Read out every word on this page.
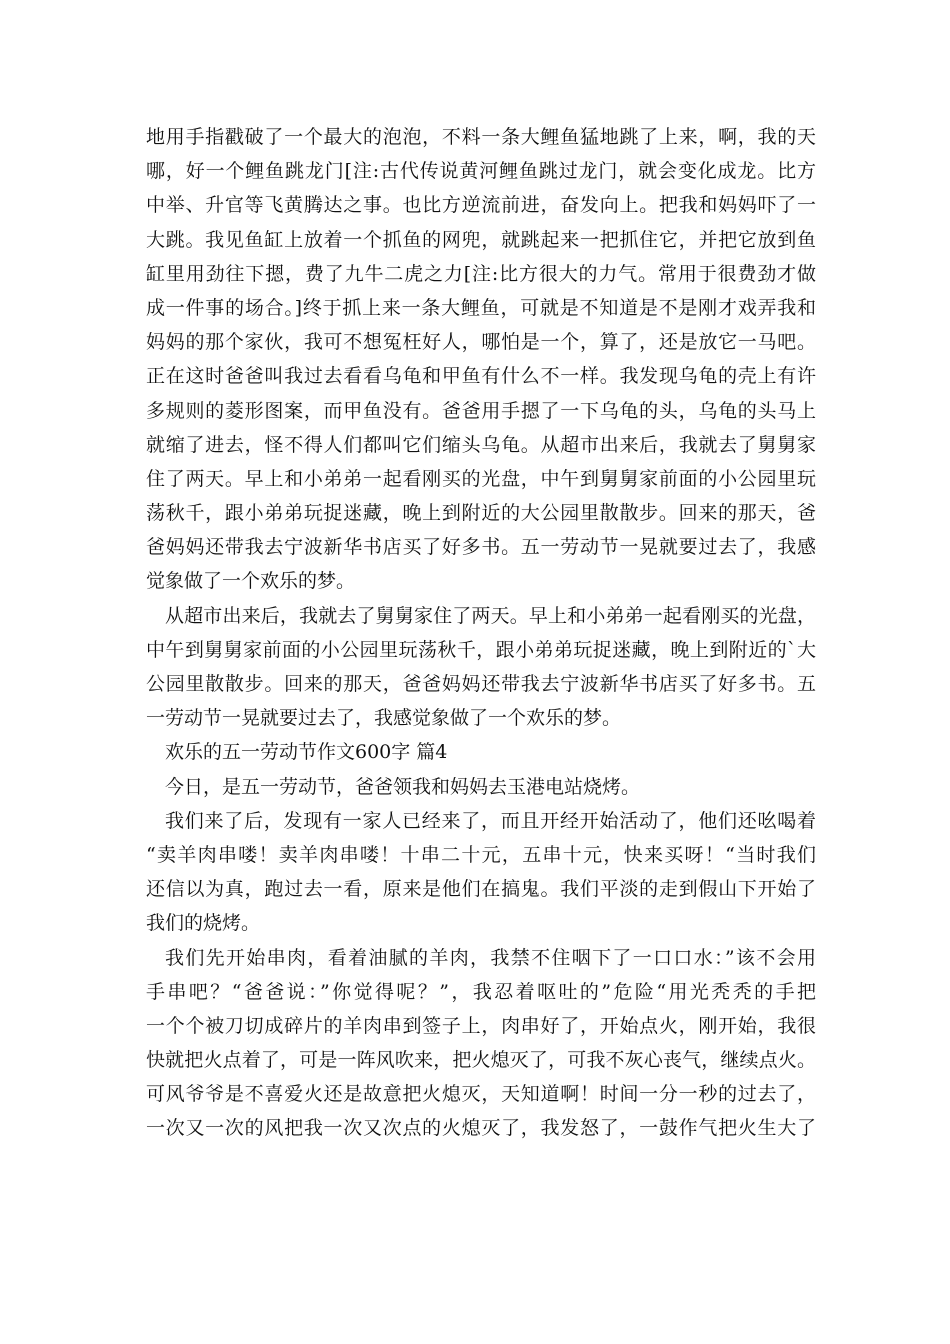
地用手指戳破了一个最大的泡泡，不料一条大鲤鱼猛地跳了上来，啊，我的天
哪，好一个鲤鱼跳龙门[注:古代传说黄河鲤鱼跳过龙门，就会变化成龙。比方
中举、升官等飞黄腾达之事。也比方逆流前进，奋发向上。把我和妈妈吓了一
大跳。我见鱼缸上放着一个抓鱼的网兜，就跳起来一把抓住它，并把它放到鱼
缸里用劲往下摁，费了九牛二虎之力[注:比方很大的力气。常用于很费劲才做
成一件事的场合。]终于抓上来一条大鲤鱼，可就是不知道是不是刚才戏弄我和
妈妈的那个家伙，我可不想冤枉好人，哪怕是一个，算了，还是放它一马吧。
正在这时爸爸叫我过去看看乌龟和甲鱼有什么不一样。我发现乌龟的壳上有许
多规则的菱形图案，而甲鱼没有。爸爸用手摁了一下乌龟的头，乌龟的头马上
就缩了进去，怪不得人们都叫它们缩头乌龟。从超市出来后，我就去了舅舅家
住了两天。早上和小弟弟一起看刚买的光盘，中午到舅舅家前面的小公园里玩
荡秋千，跟小弟弟玩捉迷藏，晚上到附近的大公园里散散步。回来的那天，爸
爸妈妈还带我去宁波新华书店买了好多书。五一劳动节一晃就要过去了，我感
觉象做了一个欢乐的梦。
从超市出来后，我就去了舅舅家住了两天。早上和小弟弟一起看刚买的光盘，
中午到舅舅家前面的小公园里玩荡秋千，跟小弟弟玩捉迷藏，晚上到附近的`大
公园里散散步。回来的那天，爸爸妈妈还带我去宁波新华书店买了好多书。五
一劳动节一晃就要过去了，我感觉象做了一个欢乐的梦。
欢乐的五一劳动节作文600字 篇4
今日，是五一劳动节，爸爸领我和妈妈去玉港电站烧烤。
我们来了后，发现有一家人已经来了，而且开经开始活动了，他们还吆喝着
“卖羊肉串喽！卖羊肉串喽！十串二十元，五串十元，快来买呀！“当时我们
还信以为真，跑过去一看，原来是他们在搞鬼。我们平淡的走到假山下开始了
我们的烧烤。
我们先开始串肉，看着油腻的羊肉，我禁不住咽下了一口口水：”该不会用
手串吧？“爸爸说：”你觉得呢？”，我忍着呕吐的”危险“用光秃秃的手把
一个个被刀切成碎片的羊肉串到签子上，肉串好了，开始点火，刚开始，我很
快就把火点着了，可是一阵风吹来，把火熄灭了，可我不灰心丧气，继续点火。
可风爷爷是不喜爱火还是故意把火熄灭，天知道啊！时间一分一秒的过去了，
一次又一次的风把我一次又次点的火熄灭了，我发怒了，一鼓作气把火生大了
